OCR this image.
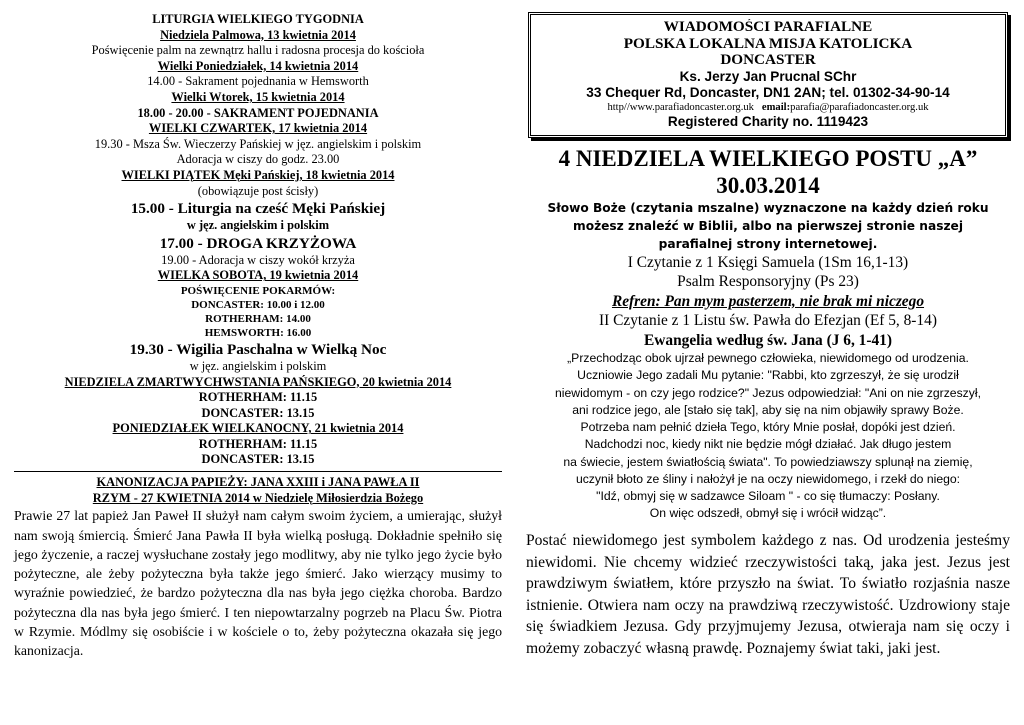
LITURGIA WIELKIEGO TYGODNIA
Niedziela Palmowa, 13 kwietnia 2014
Poświęcenie palm na zewnątrz hallu i radosna procesja do kościoła
Wielki Poniedziałek, 14 kwietnia 2014
14.00 - Sakrament pojednania w Hemsworth
Wielki Wtorek, 15 kwietnia 2014
18.00 - 20.00 - SAKRAMENT POJEDNANIA
WIELKI CZWARTEK, 17 kwietnia 2014
19.30 - Msza Św. Wieczerzy Pańskiej w jęz. angielskim i polskim
Adoracja w ciszy do godz. 23.00
WIELKI PIĄTEK Męki Pańskiej, 18 kwietnia 2014
(obowiązuje post ścisły)
15.00 - Liturgia na cześć Męki Pańskiej
w jęz. angielskim i polskim
17.00 - DROGA KRZYŻOWA
19.00 - Adoracja w ciszy wokół krzyża
WIELKA SOBOTA, 19 kwietnia 2014
POŚWIĘCENIE POKARMÓW:
DONCASTER: 10.00 i 12.00
ROTHERHAM: 14.00
HEMSWORTH: 16.00
19.30 - Wigilia Paschalna w Wielką Noc
w jęz. angielskim i polskim
NIEDZIELA ZMARTWYCHWSTANIA PAŃSKIEGO, 20 kwietnia 2014
ROTHERHAM: 11.15
DONCASTER: 13.15
PONIEDZIAŁEK WIELKANOCNY, 21 kwietnia 2014
ROTHERHAM: 11.15
DONCASTER: 13.15
KANONIZACJA PAPIEŻY: JANA XXIII i JANA PAWŁA II
RZYM - 27 KWIETNIA 2014 w Niedzielę Miłosierdzia Bożego
Prawie 27 lat papież Jan Paweł II służył nam całym swoim życiem, a umierając, służył nam swoją śmiercią. Śmierć Jana Pawła II była wielką posługą. Dokładnie spełniło się jego życzenie, a raczej wysłuchane zostały jego modlitwy, aby nie tylko jego życie było pożyteczne, ale żeby pożyteczna była także jego śmierć. Jako wierzący musimy to wyraźnie powiedzieć, że bardzo pożyteczna dla nas była jego ciężka choroba. Bardzo pożyteczna dla nas była jego śmierć. I ten niepowtarzalny pogrzeb na Placu Św. Piotra w Rzymie. Módlmy się osobiście i w kościele o to, żeby pożyteczna okazała się jego kanonizacja.
WIADOMOŚCI PARAFIALNE
POLSKA LOKALNA MISJA KATOLICKA
DONCASTER
Ks. Jerzy Jan Prucnal SChr
33 Chequer Rd, Doncaster, DN1 2AN; tel. 01302-34-90-14
http//www.parafiadoncaster.org.uk email:parafia@parafiadoncaster.org.uk
Registered Charity no. 1119423
4 NIEDZIELA WIELKIEGO POSTU „A”
30.03.2014
Słowo Boże (czytania mszalne) wyznaczone na każdy dzień roku
możesz znaleźć w Biblii, albo na pierwszej stronie naszej
parafialnej strony internetowej.
I Czytanie z 1 Księgi Samuela (1Sm 16,1-13)
Psalm Responsoryjny (Ps 23)
Refren: Pan mym pasterzem, nie brak mi niczego
II Czytanie z 1 Listu św. Pawła do Efezjan (Ef 5, 8-14)
Ewangelia według św. Jana (J 6, 1-41)
„Przechodząc obok ujrzał pewnego człowieka, niewidomego od urodzenia.
Uczniowie Jego zadali Mu pytanie: "Rabbi, kto zgrzeszył, że się urodził
niewidomym - on czy jego rodzice?" Jezus odpowiedział: "Ani on nie zgrzeszył,
ani rodzice jego, ale [stało się tak], aby się na nim objawiły sprawy Boże.
Potrzeba nam pełnić dzieła Tego, który Mnie posłał, dopóki jest dzień.
Nadchodzi noc, kiedy nikt nie będzie mógł działać. Jak długo jestem
na świecie, jestem światłością świata". To powiedziawszy splunął na ziemię,
uczynił błoto ze śliny i nałożył je na oczy niewidomego, i rzekł do niego:
"Idź, obmyj się w sadzawce Siloam " - co się tłumaczy: Posłany.
On więc odszedł, obmył się i wrócił widząc”.
Postać niewidomego jest symbolem każdego z nas. Od urodzenia jesteśmy niewidomi. Nie chcemy widzieć rzeczywistości taką, jaka jest. Jezus jest prawdziwym światłem, które przyszło na świat. To światło rozjaśnia nasze istnienie. Otwiera nam oczy na prawdziwą rzeczywistość. Uzdrowiony staje się świadkiem Jezusa. Gdy przyjmujemy Jezusa, otwieraja nam się oczy i możemy zobaczyć własną prawdę. Poznajemy świat taki, jaki jest.
